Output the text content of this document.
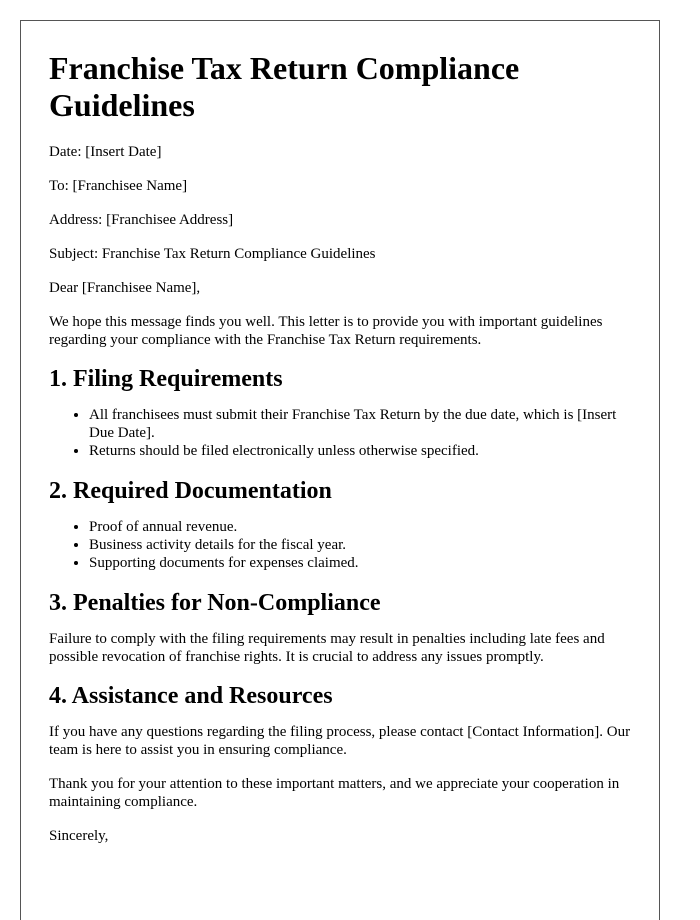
Franchise Tax Return Compliance Guidelines

Date: [Insert Date]

To: [Franchisee Name]

Address: [Franchisee Address]

Subject: Franchise Tax Return Compliance Guidelines

Dear [Franchisee Name],

We hope this message finds you well. This letter is to provide you with important guidelines regarding your compliance with the Franchise Tax Return requirements.

1. Filing Requirements
• All franchisees must submit their Franchise Tax Return by the due date, which is [Insert Due Date].
• Returns should be filed electronically unless otherwise specified.
2. Required Documentation
• Proof of annual revenue.
• Business activity details for the fiscal year.
• Supporting documents for expenses claimed.
3. Penalties for Non-Compliance

Failure to comply with the filing requirements may result in penalties including late fees and possible revocation of franchise rights. It is crucial to address any issues promptly.

4. Assistance and Resources

If you have any questions regarding the filing process, please contact [Contact Information]. Our team is here to assist you in ensuring compliance.

Thank you for your attention to these important matters, and we appreciate your cooperation in maintaining compliance.

Sincerely,
